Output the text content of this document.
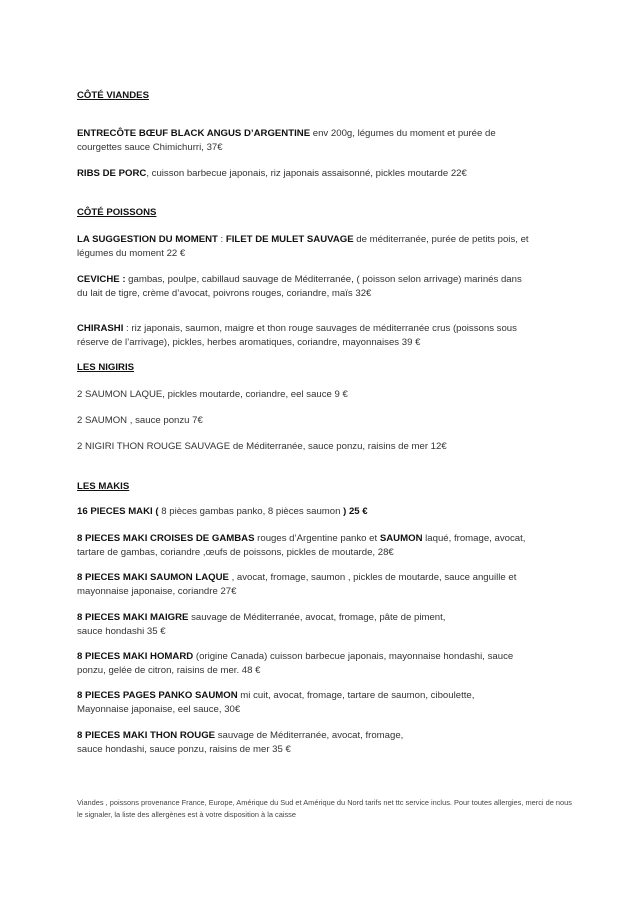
CÔTÉ VIANDES
ENTRECÔTE BŒUF BLACK ANGUS D’ARGENTINE env 200g, légumes du moment et purée de
courgettes sauce Chimichurri, 37€
RIBS DE PORC, cuisson barbecue japonais, riz japonais assaisonné, pickles moutarde 22€
CÔTÉ POISSONS
LA SUGGESTION DU MOMENT : FILET DE MULET SAUVAGE de méditerranée, purée de petits pois, et
légumes du moment 22 €
CEVICHE : gambas, poulpe, cabillaud sauvage de Méditerranée, ( poisson selon arrivage) marinés dans
du lait de tigre, crème d’avocat, poivrons rouges, coriandre, maïs 32€
CHIRASHI : riz japonais, saumon, maigre et thon rouge sauvages de méditerranée crus (poissons sous
réserve de l’arrivage), pickles, herbes aromatiques, coriandre, mayonnaises 39 €
LES NIGIRIS
2 SAUMON LAQUE, pickles moutarde, coriandre, eel sauce 9 €
2 SAUMON , sauce ponzu 7€
2 NIGIRI THON ROUGE SAUVAGE de Méditerranée, sauce ponzu, raisins de mer 12€
LES MAKIS
16 PIECES MAKI ( 8 pièces gambas panko, 8 pièces saumon ) 25 €
8 PIECES MAKI CROISES DE GAMBAS rouges d’Argentine panko et SAUMON laqué, fromage, avocat,
tartare de gambas, coriandre ,œufs de poissons, pickles de moutarde, 28€
8 PIECES MAKI SAUMON LAQUE , avocat, fromage, saumon , pickles de moutarde, sauce anguille et
mayonnaise japonaise, coriandre 27€
8 PIECES MAKI MAIGRE sauvage de Méditerranée, avocat, fromage, pâte de piment,
sauce hondashi 35 €
8 PIECES MAKI HOMARD (origine Canada) cuisson barbecue japonais, mayonnaise hondashi, sauce
ponzu, gelée de citron, raisins de mer. 48 €
8 PIECES PAGES PANKO SAUMON mi cuit, avocat, fromage, tartare de saumon, ciboulette,
Mayonnaise japonaise, eel sauce, 30€
8 PIECES MAKI THON ROUGE sauvage de Méditerranée, avocat, fromage,
sauce hondashi, sauce ponzu, raisins de mer 35 €
Viandes , poissons provenance France, Europe, Amérique du Sud et Amérique du Nord tarifs net ttc service inclus. Pour toutes allergies, merci de nous le signaler, la liste des allergènes est à votre disposition à la caisse
